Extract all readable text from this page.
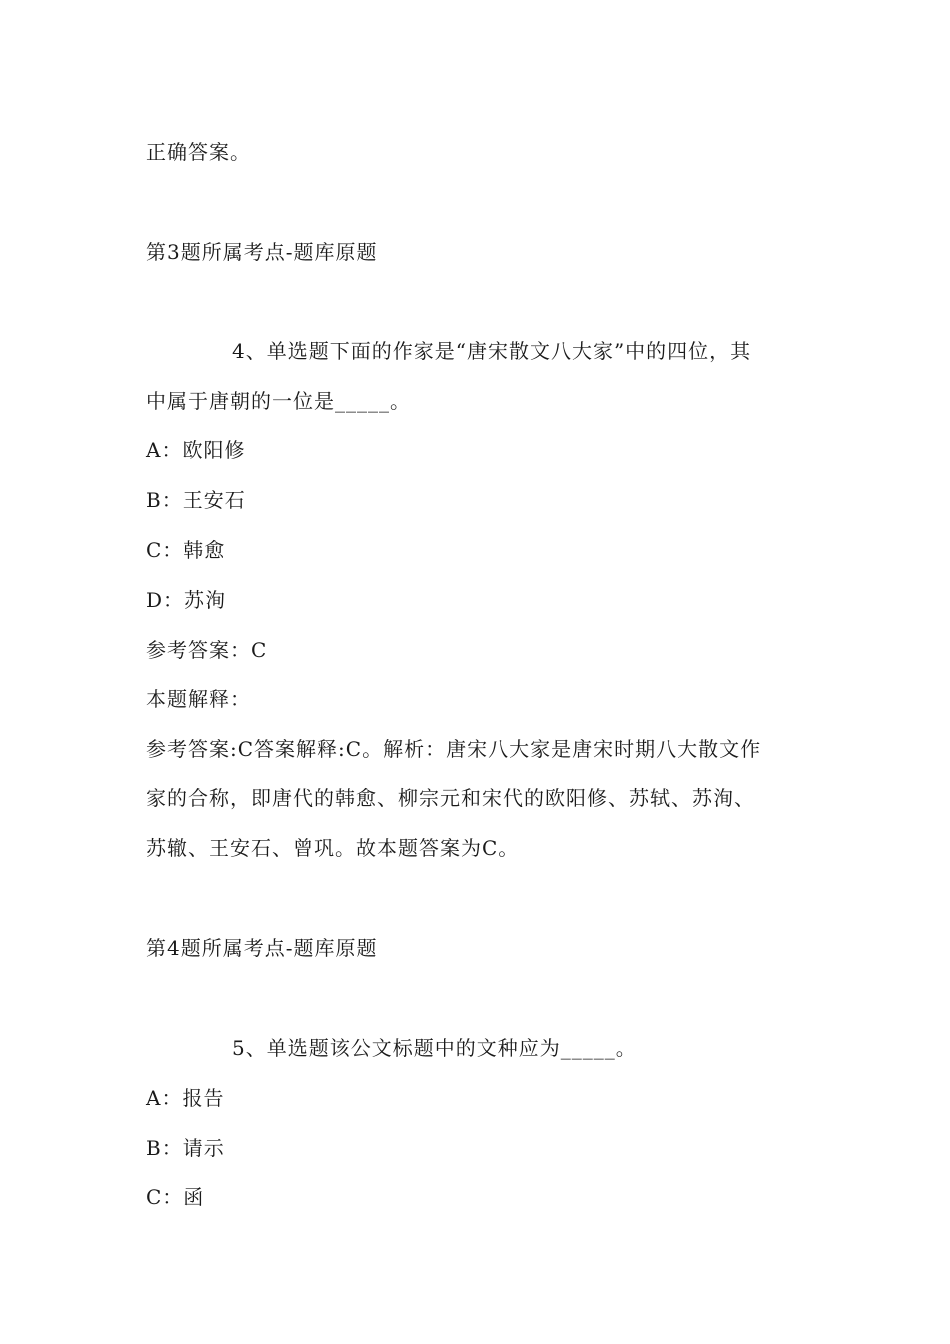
正确答案。
第3题所属考点-题库原题
4、单选题下面的作家是“唐宋散文八大家”中的四位，其
中属于唐朝的一位是_____。
A：欧阳修
B：王安石
C：韩愈
D：苏洵
参考答案：C
本题解释：
参考答案:C答案解释:C。解析：唐宋八大家是唐宋时期八大散文作
家的合称，即唐代的韩愈、柳宗元和宋代的欧阳修、苏轼、苏洵、
苏辙、王安石、曾巩。故本题答案为C。
第4题所属考点-题库原题
5、单选题该公文标题中的文种应为_____。
A：报告
B：请示
C：函
